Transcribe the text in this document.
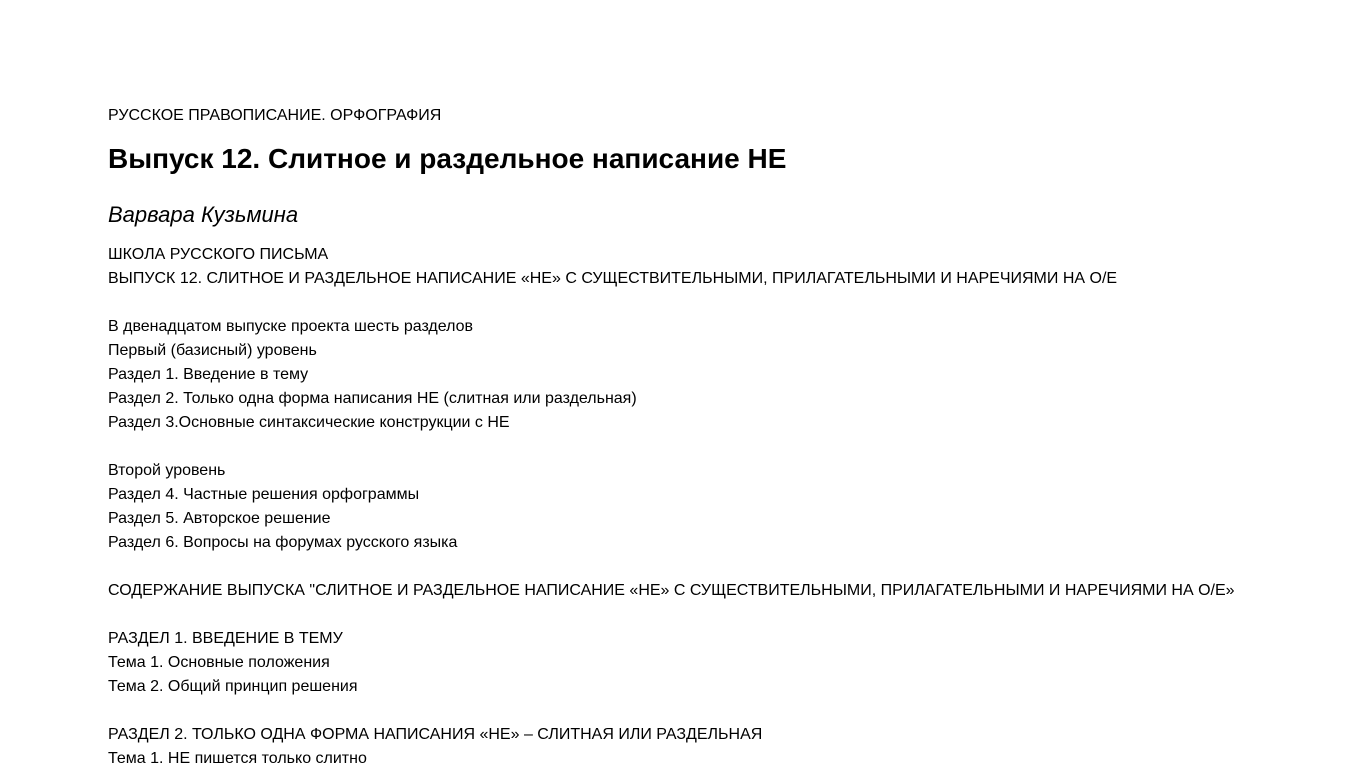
РУССКОЕ ПРАВОПИСАНИЕ. ОРФОГРАФИЯ

Выпуск 12. Слитное и раздельное написание НЕ

Варвара Кузьмина

ШКОЛА РУССКОГО ПИСЬМА
ВЫПУСК 12. СЛИТНОЕ И РАЗДЕЛЬНОЕ НАПИСАНИЕ «НЕ» С СУЩЕСТВИТЕЛЬНЫМИ, ПРИЛАГАТЕЛЬНЫМИ И НАРЕЧИЯМИ НА О/Е
В двенадцатом выпуске проекта шесть разделов
Первый (базисный) уровень
Раздел 1. Введение в тему
Раздел 2. Только одна форма написания НЕ (слитная или раздельная)
Раздел 3.Основные синтаксические конструкции с НЕ
Второй уровень
Раздел 4. Частные решения орфограммы
Раздел 5. Авторское решение
Раздел 6. Вопросы на форумах русского языка
СОДЕРЖАНИЕ ВЫПУСКА "СЛИТНОЕ И РАЗДЕЛЬНОЕ НАПИСАНИЕ «НЕ» С СУЩЕСТВИТЕЛЬНЫМИ, ПРИЛАГАТЕЛЬНЫМИ И НАРЕЧИЯМИ НА О/Е»
РАЗДЕЛ 1. ВВЕДЕНИЕ В ТЕМУ
Тема 1. Основные положения
Тема 2. Общий принцип решения
РАЗДЕЛ 2. ТОЛЬКО ОДНА ФОРМА НАПИСАНИЯ «НЕ» – СЛИТНАЯ ИЛИ РАЗДЕЛЬНАЯ
Тема 1. НЕ пишется только слитно
